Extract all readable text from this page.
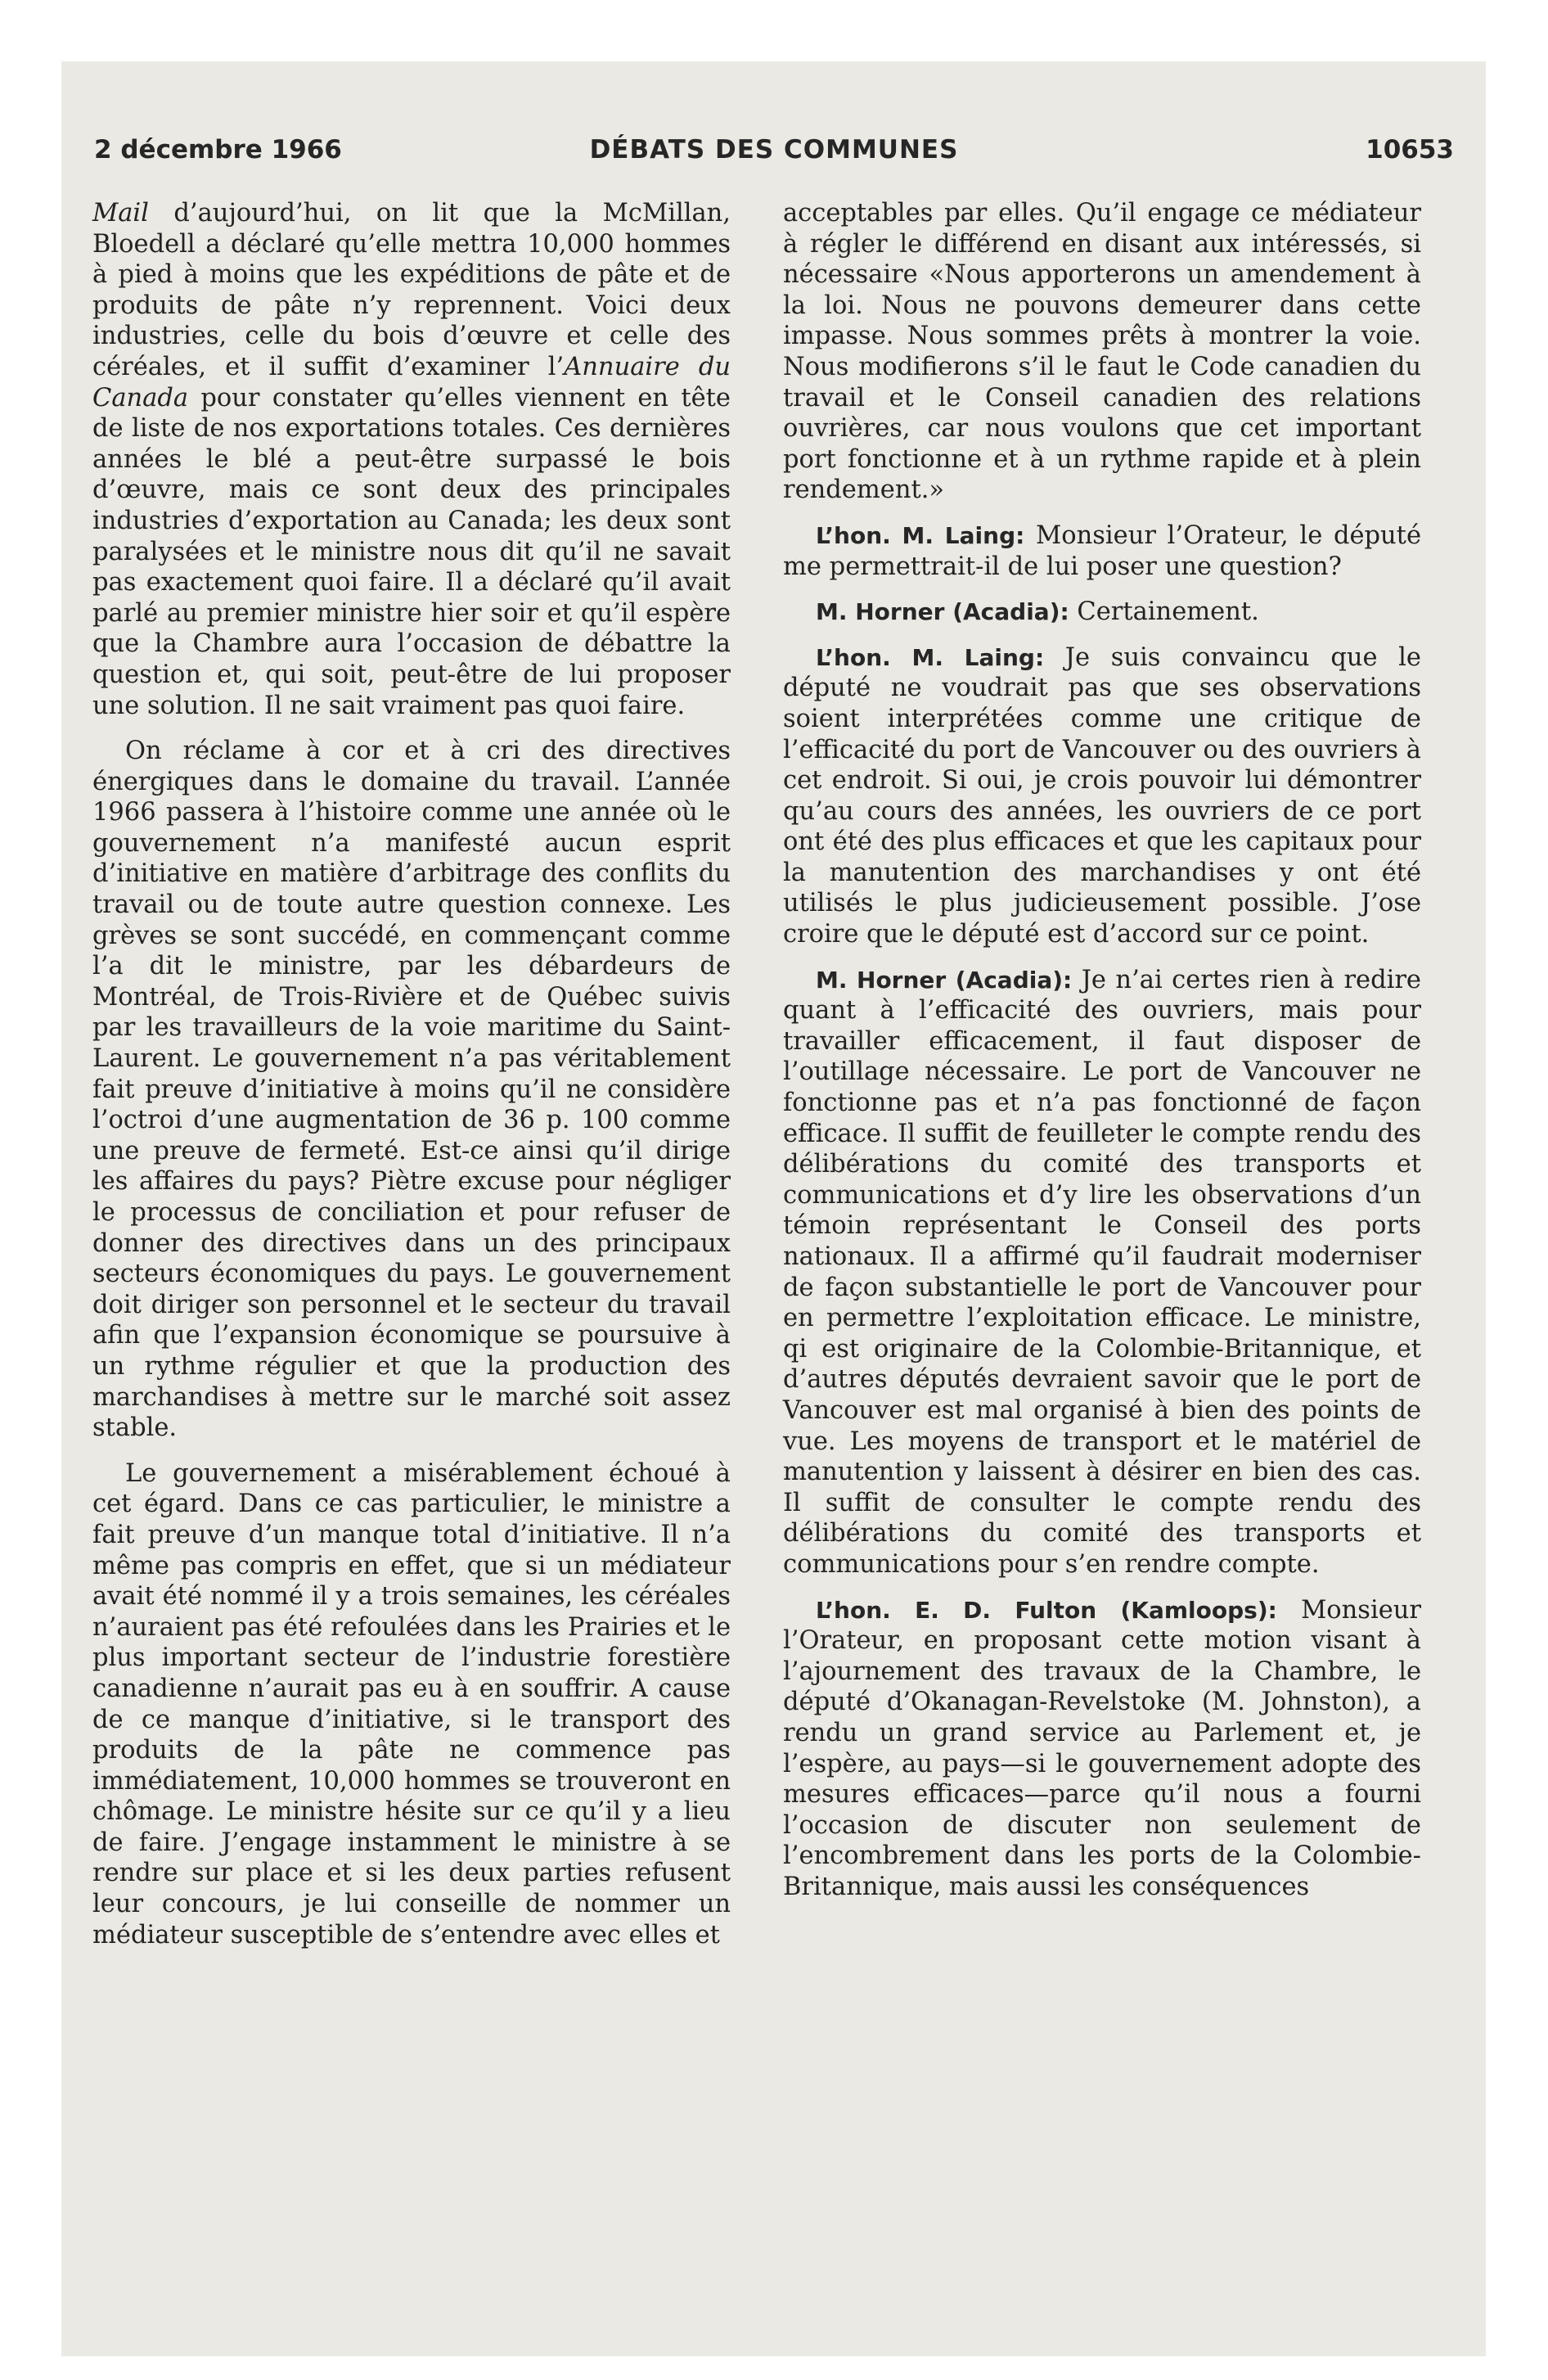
2 décembre 1966	DÉBATS DES COMMUNES	10653

Mail d’aujourd’hui, on lit que la McMillan, Bloedell a déclaré qu’elle mettra 10,000 hommes à pied à moins que les expéditions de pâte et de produits de pâte n’y reprennent. Voici deux industries, celle du bois d’œuvre et celle des céréales, et il suffit d’examiner l’Annuaire du Canada pour constater qu’elles viennent en tête de liste de nos exportations totales. Ces dernières années le blé a peut-être surpassé le bois d’œuvre, mais ce sont deux des principales industries d’exportation au Canada; les deux sont paralysées et le ministre nous dit qu’il ne savait pas exactement quoi faire. Il a déclaré qu’il avait parlé au premier ministre hier soir et qu’il espère que la Chambre aura l’occasion de débattre la question et, qui soit, peut-être de lui proposer une solution. Il ne sait vraiment pas quoi faire.

On réclame à cor et à cri des directives énergiques dans le domaine du travail. L’année 1966 passera à l’histoire comme une année où le gouvernement n’a manifesté aucun esprit d’initiative en matière d’arbitrage des conflits du travail ou de toute autre question connexe. Les grèves se sont succédé, en commençant comme l’a dit le ministre, par les débardeurs de Montréal, de Trois-Rivière et de Québec suivis par les travailleurs de la voie maritime du Saint-Laurent. Le gouvernement n’a pas véritablement fait preuve d’initiative à moins qu’il ne considère l’octroi d’une augmentation de 36 p. 100 comme une preuve de fermeté. Est-ce ainsi qu’il dirige les affaires du pays? Piètre excuse pour négliger le processus de conciliation et pour refuser de donner des directives dans un des principaux secteurs économiques du pays. Le gouvernement doit diriger son personnel et le secteur du travail afin que l’expansion économique se poursuive à un rythme régulier et que la production des marchandises à mettre sur le marché soit assez stable.

Le gouvernement a misérablement échoué à cet égard. Dans ce cas particulier, le ministre a fait preuve d’un manque total d’initiative. Il n’a même pas compris en effet, que si un médiateur avait été nommé il y a trois semaines, les céréales n’auraient pas été refoulées dans les Prairies et le plus important secteur de l’industrie forestière canadienne n’aurait pas eu à en souffrir. A cause de ce manque d’initiative, si le transport des produits de la pâte ne commence pas immédiatement, 10,000 hommes se trouveront en chômage. Le ministre hésite sur ce qu’il y a lieu de faire. J’engage instamment le ministre à se rendre sur place et si les deux parties refusent leur concours, je lui conseille de nommer un médiateur susceptible de s’entendre avec elles et

acceptables par elles. Qu’il engage ce médiateur à régler le différend en disant aux intéressés, si nécessaire «Nous apporterons un amendement à la loi. Nous ne pouvons demeurer dans cette impasse. Nous sommes prêts à montrer la voie. Nous modifierons s’il le faut le Code canadien du travail et le Conseil canadien des relations ouvrières, car nous voulons que cet important port fonctionne et à un rythme rapide et à plein rendement.»

L’hon. M. Laing: Monsieur l’Orateur, le député me permettrait-il de lui poser une question?

M. Horner (Acadia): Certainement.

L’hon. M. Laing: Je suis convaincu que le député ne voudrait pas que ses observations soient interprétées comme une critique de l’efficacité du port de Vancouver ou des ouvriers à cet endroit. Si oui, je crois pouvoir lui démontrer qu’au cours des années, les ouvriers de ce port ont été des plus efficaces et que les capitaux pour la manutention des marchandises y ont été utilisés le plus judicieusement possible. J’ose croire que le député est d’accord sur ce point.

M. Horner (Acadia): Je n’ai certes rien à redire quant à l’efficacité des ouvriers, mais pour travailler efficacement, il faut disposer de l’outillage nécessaire. Le port de Vancouver ne fonctionne pas et n’a pas fonctionné de façon efficace. Il suffit de feuilleter le compte rendu des délibérations du comité des transports et communications et d’y lire les observations d’un témoin représentant le Conseil des ports nationaux. Il a affirmé qu’il faudrait moderniser de façon substantielle le port de Vancouver pour en permettre l’exploitation efficace. Le ministre, qi est originaire de la Colombie-Britannique, et d’autres députés devraient savoir que le port de Vancouver est mal organisé à bien des points de vue. Les moyens de transport et le matériel de manutention y laissent à désirer en bien des cas. Il suffit de consulter le compte rendu des délibérations du comité des transports et communications pour s’en rendre compte.

L’hon. E. D. Fulton (Kamloops): Monsieur l’Orateur, en proposant cette motion visant à l’ajournement des travaux de la Chambre, le député d’Okanagan-Revelstoke (M. Johnston), a rendu un grand service au Parlement et, je l’espère, au pays—si le gouvernement adopte des mesures efficaces—parce qu’il nous a fourni l’occasion de discuter non seulement de l’encombrement dans les ports de la Colombie-Britannique, mais aussi les conséquences
